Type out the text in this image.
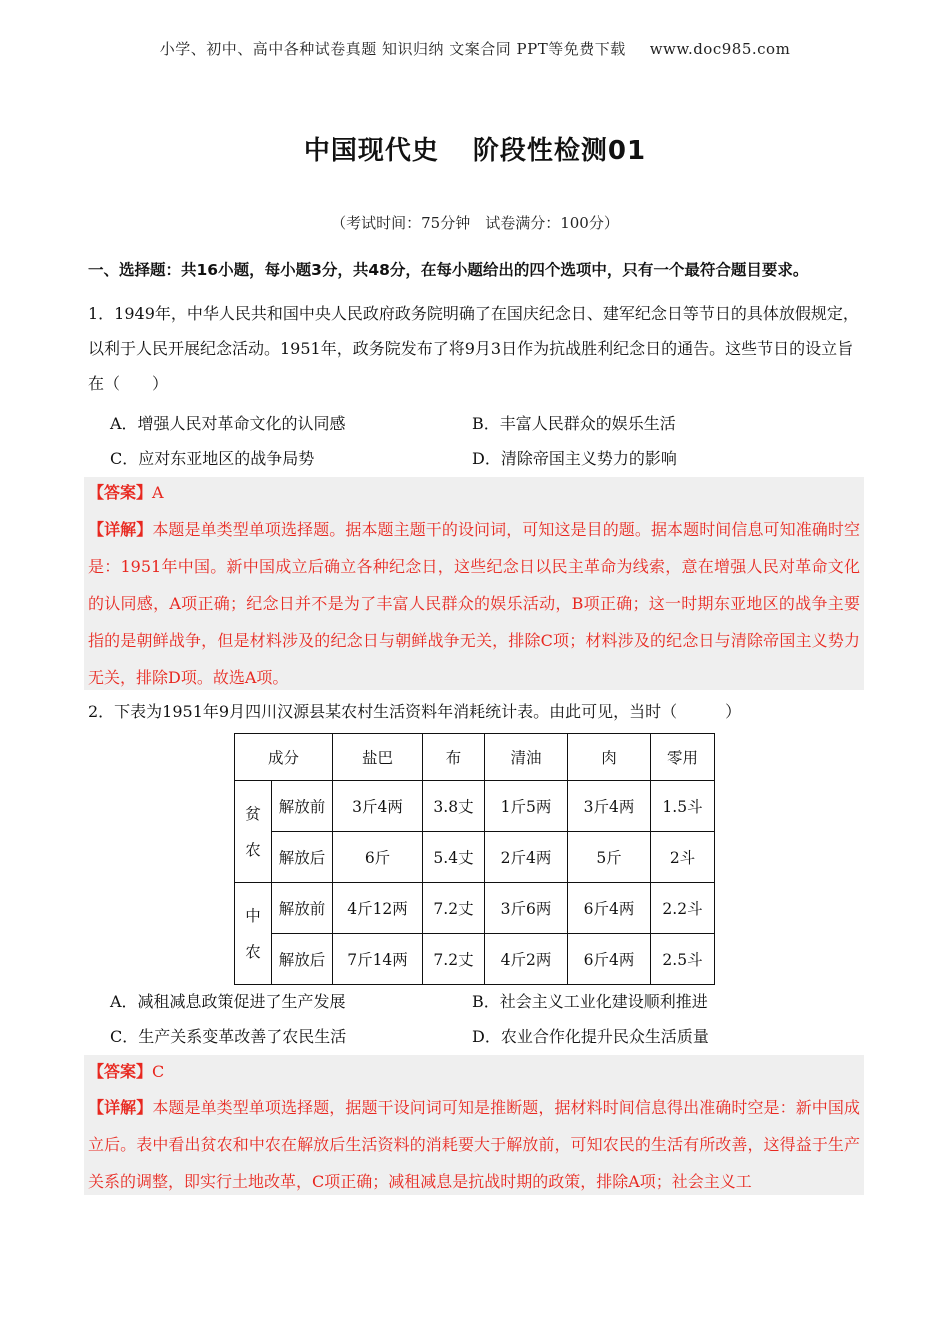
小学、初中、高中各种试卷真题 知识归纳 文案合同 PPT等免费下载 www.doc985.com
中国现代史 阶段性检测01
（考试时间：75分钟　试卷满分：100分）
一、选择题：共16小题，每小题3分，共48分，在每小题给出的四个选项中，只有一个最符合题目要求。

1．1949年，中华人民共和国中央人民政府政务院明确了在国庆纪念日、建军纪念日等节日的具体放假规定，以利于人民开展纪念活动。1951年，政务院发布了将9月3日作为抗战胜利纪念日的通告。这些节日的设立旨在（　　）

A．增强人民对革命文化的认同感	B．丰富人民群众的娱乐生活
C．应对东亚地区的战争局势	D．清除帝国主义势力的影响
【答案】A

【详解】本题是单类型单项选择题。据本题主题干的设问词，可知这是目的题。据本题时间信息可知准确时空是：1951年中国。新中国成立后确立各种纪念日，这些纪念日以民主革命为线索，意在增强人民对革命文化的认同感，A项正确；纪念日并不是为了丰富人民群众的娱乐活动，B项正确；这一时期东亚地区的战争主要指的是朝鲜战争，但是材料涉及的纪念日与朝鲜战争无关，排除C项；材料涉及的纪念日与清除帝国主义势力无关，排除D项。故选A项。

2．下表为1951年9月四川汉源县某农村生活资料年消耗统计表。由此可见，当时（　　　）
成分		盐巴	布	清油	肉	零用
贫
农	解放前	3斤4两	3.8丈	1斤5两	3斤4两	1.5斗
	解放后	6斤	5.4丈	2斤4两	5斤	2斗
中
农	解放前	4斤12两	7.2丈	3斤6两	6斤4两	2.2斗
	解放后	7斤14两	7.2丈	4斤2两	6斤4两	2.5斗
A．减租减息政策促进了生产发展	B．社会主义工业化建设顺利推进
C．生产关系变革改善了农民生活	D．农业合作化提升民众生活质量
【答案】C

【详解】本题是单类型单项选择题，据题干设问词可知是推断题，据材料时间信息得出准确时空是：新中国成立后。表中看出贫农和中农在解放后生活资料的消耗要大于解放前，可知农民的生活有所改善，这得益于生产关系的调整，即实行土地改革，C项正确；减租减息是抗战时期的政策，排除A项；社会主义工
